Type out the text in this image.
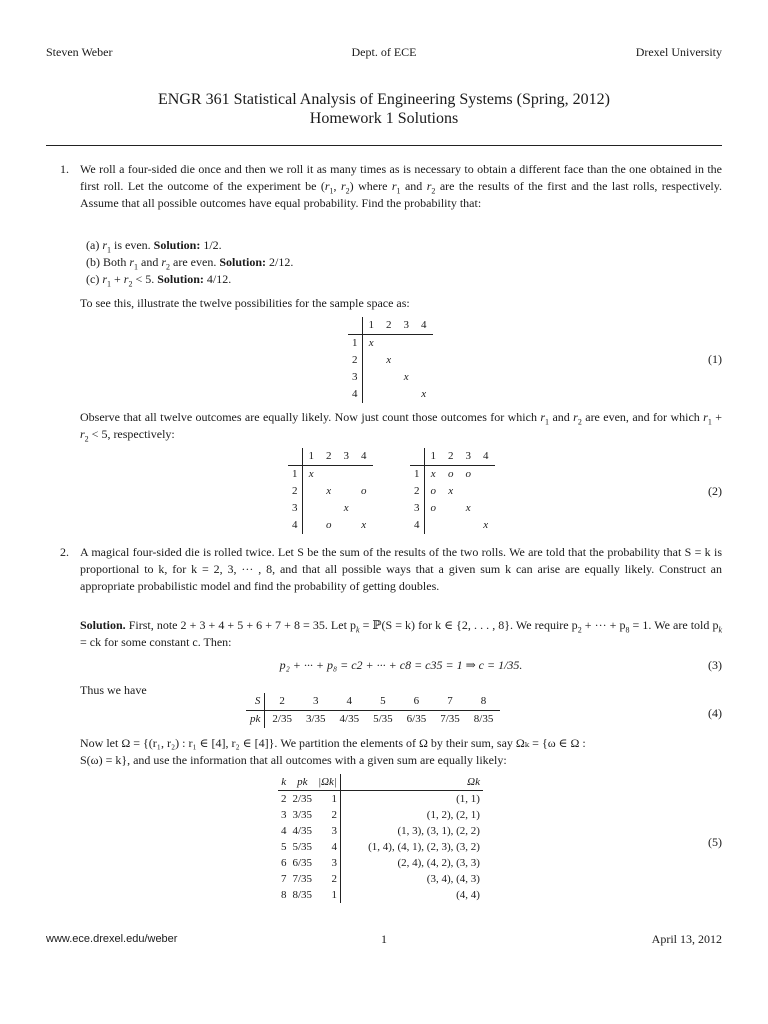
Steven Weber	Dept. of ECE	Drexel University
ENGR 361 Statistical Analysis of Engineering Systems (Spring, 2012)
Homework 1 Solutions
1. We roll a four-sided die once and then we roll it as many times as is necessary to obtain a different face than the one obtained in the first roll. Let the outcome of the experiment be ($r_1$, $r_2$) where $r_1$ and $r_2$ are the results of the first and the last rolls, respectively. Assume that all possible outcomes have equal probability. Find the probability that:
(a) $r_1$ is even. Solution: 1/2.
(b) Both $r_1$ and $r_2$ are even. Solution: 2/12.
(c) $r_1 + r_2 < 5$. Solution: 4/12.
To see this, illustrate the twelve possibilities for the sample space as:
	1	2	3	4
1	x			
2		x		
3			x	
4				x
(1)
Observe that all twelve outcomes are equally likely. Now just count those outcomes for which $r_1$ and $r_2$ are even, and for which $r_1 + r_2 < 5$, respectively:
	1	2	3	4
1	x			
2		x		o
3			x	
4		o		x
	1	2	3	4
1	x	o	o	
2	o	x		
3	o		x	
4				x
(2)
2. A magical four-sided die is rolled twice. Let S be the sum of the results of the two rolls. We are told that the probability that S = k is proportional to k, for k = 2, 3, ··· , 8, and that all possible ways that a given sum k can arise are equally likely. Construct an appropriate probabilistic model and find the probability of getting doubles.
Solution. First, note 2 + 3 + 4 + 5 + 6 + 7 + 8 = 35. Let $p_k$ = ℙ(S = k) for k ∈ {2, . . . , 8}. We require $p_2$ + ··· + $p_8 = 1$. We are told $p_k$ = ck for some constant c. Then:
p₂ + ··· + p₈ = c2 + ··· + c8 = c35 = 1 ⇒ c = 1/35.	(3)
Thus we have
S	2	3	4	5	6	7	8
pk	2/35	3/35	4/35	5/35	6/35	7/35	8/35	(4)
Now let Ω = {(r₁, r₂) : r₁ ∈ [4], r₂ ∈ [4]}. We partition the elements of Ω by their sum, say Ωₖ = {ω ∈ Ω :
S(ω) = k}, and use the information that all outcomes with a given sum are equally likely:
k	pk	|Ωk|	Ωk
2	2/35	1	(1, 1)
3	3/35	2	(1, 2), (2, 1)
4	4/35	3	(1, 3), (3, 1), (2, 2)
5	5/35	4	(1, 4), (4, 1), (2, 3), (3, 2)
6	6/35	3	(2, 4), (4, 2), (3, 3)
7	7/35	2	(3, 4), (4, 3)
8	8/35	1	(4, 4)
(5)
www.ece.drexel.edu/weber	1	April 13, 2012
